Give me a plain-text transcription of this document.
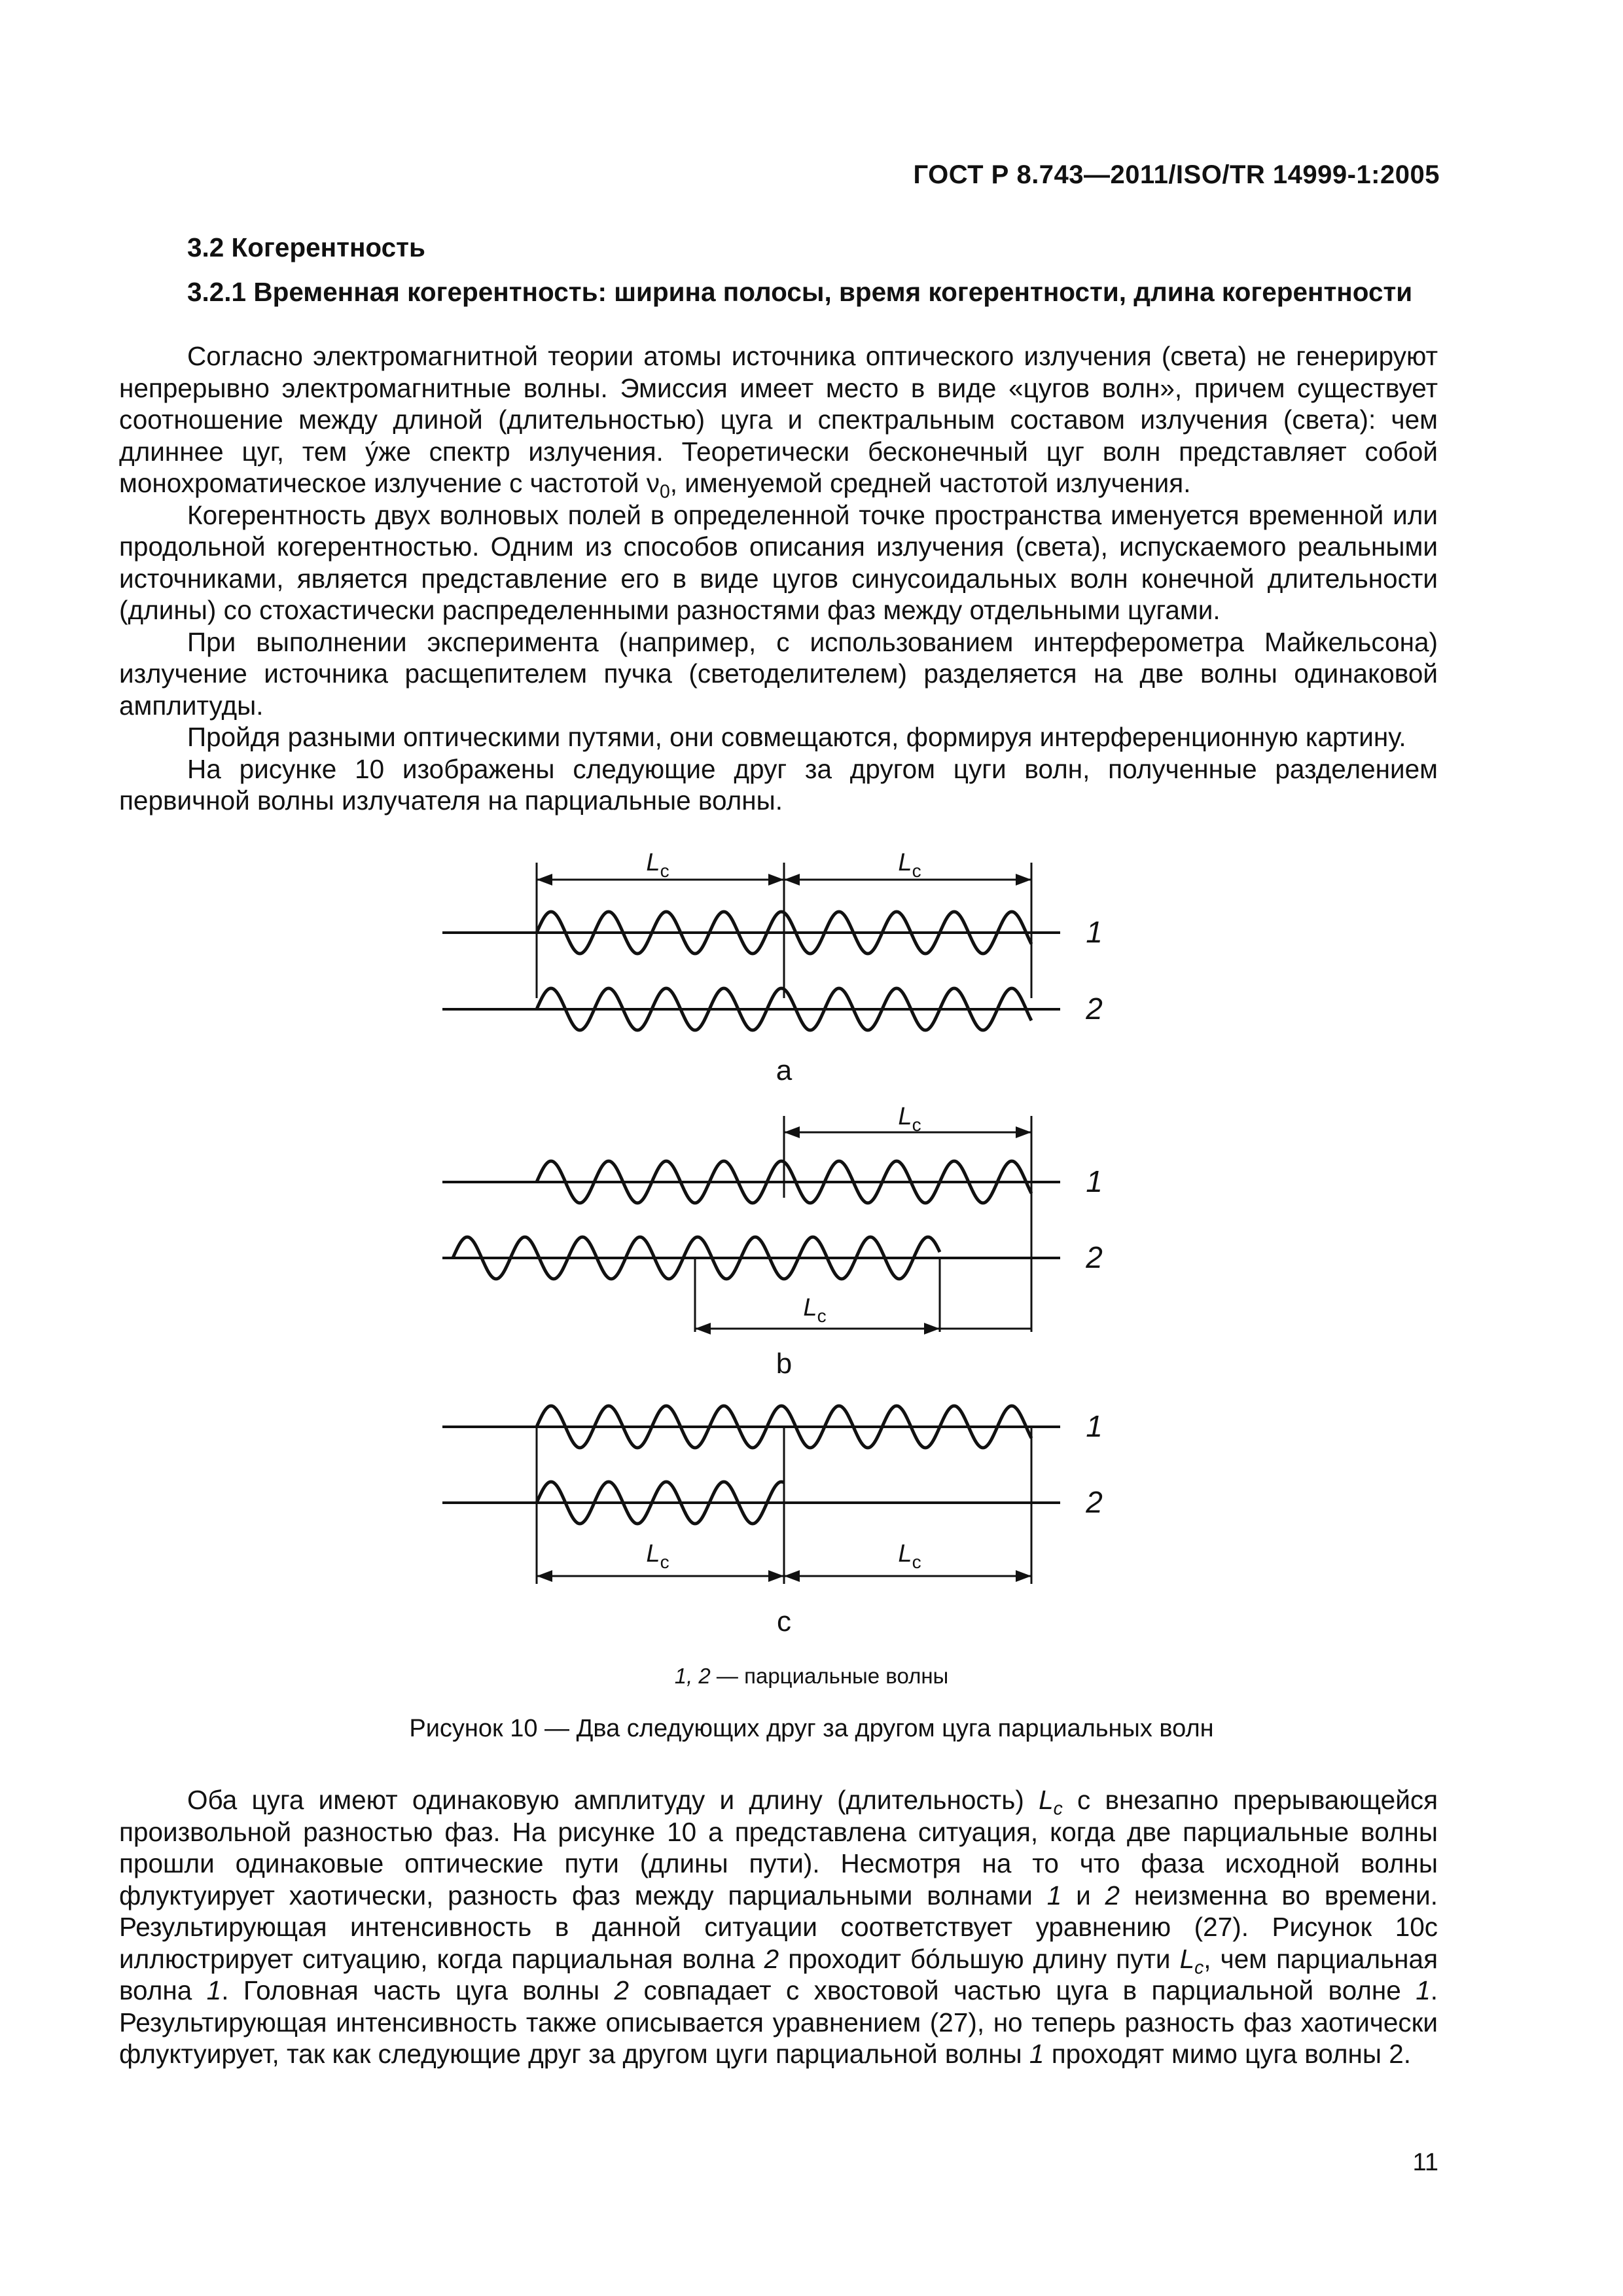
ГОСТ Р 8.743—2011/ISO/TR 14999-1:2005
3.2 Когерентность
3.2.1 Временная когерентность: ширина полосы, время когерентности, длина когерентности

Согласно электромагнитной теории атомы источника оптического излучения (света) не генерируют непрерывно электромагнитные волны. Эмиссия имеет место в виде «цугов волн», причем существует соотношение между длиной (длительностью) цуга и спектральным составом излучения (света): чем длиннее цуг, тем у́же спектр излучения. Теоретически бесконечный цуг волн представляет собой монохроматическое излучение с частотой $\nu_0$, именуемой средней частотой излучения.

Когерентность двух волновых полей в определенной точке пространства именуется временной или продольной когерентностью. Одним из способов описания излучения (света), испускаемого реальными источниками, является представление его в виде цугов синусоидальных волн конечной длительности (длины) со стохастически распределенными разностями фаз между отдельными цугами.

При выполнении эксперимента (например, с использованием интерферометра Майкельсона) излучение источника расщепителем пучка (светоделителем) разделяется на две волны одинаковой амплитуды.

Пройдя разными оптическими путями, они совмещаются, формируя интерференционную картину.

На рисунке 10 изображены следующие друг за другом цуги волн, полученные разделением первичной волны излучателя на парциальные волны.

$L_c$	$L_c$
1
2
a
$L_c$
$L_c$
1
2
b
$L_c$	$L_c$
1
2
c
1, 2 — парциальные волны
Рисунок 10 — Два следующих друг за другом цуга парциальных волн

Оба цуга имеют одинаковую амплитуду и длину (длительность) $L_c$ с внезапно прерывающейся произвольной разностью фаз. На рисунке 10 а представлена ситуация, когда две парциальные волны прошли одинаковые оптические пути (длины пути). Несмотря на то что фаза исходной волны флуктуирует хаотически, разность фаз между парциальными волнами 1 и 2 неизменна во времени. Результирующая интенсивность в данной ситуации соответствует уравнению (27). Рисунок 10c иллюстрирует ситуацию, когда парциальная волна 2 проходит бо́льшую длину пути $L_c$, чем парциальная волна 1. Головная часть цуга волны 2 совпадает с хвостовой частью цуга в парциальной волне 1. Результирующая интенсивность также описывается уравнением (27), но теперь разность фаз хаотически флуктуирует, так как следующие друг за другом цуги парциальной волны 1 проходят мимо цуга волны 2.

11
